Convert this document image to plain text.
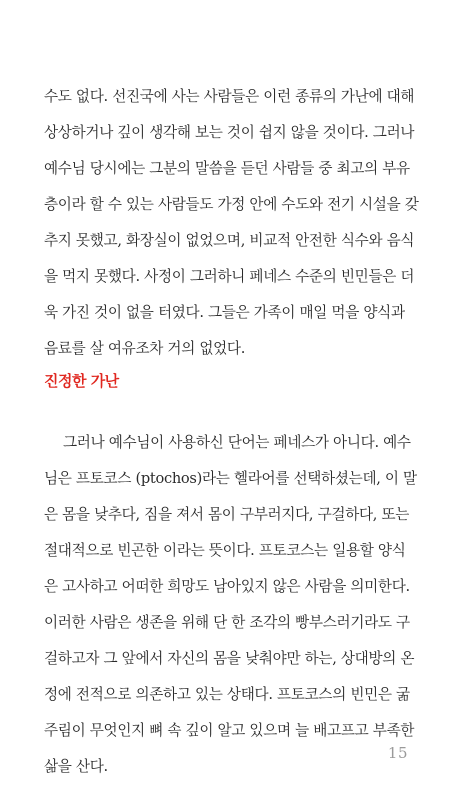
수도 없다. 선진국에 사는 사람들은 이런 종류의 가난에 대해
상상하거나 깊이 생각해 보는 것이 쉽지 않을 것이다. 그러나
예수님 당시에는 그분의 말씀을 듣던 사람들 중 최고의 부유
층이라 할 수 있는 사람들도 가정 안에 수도와 전기 시설을 갖
추지 못했고, 화장실이 없었으며, 비교적 안전한 식수와 음식
을 먹지 못했다. 사정이 그러하니 페네스 수준의 빈민들은 더
욱 가진 것이 없을 터였다. 그들은 가족이 매일 먹을 양식과
음료를 살 여유조차 거의 없었다.
진정한 가난
그러나 예수님이 사용하신 단어는 페네스가 아니다. 예수
님은 프토코스 (ptochos)라는 헬라어를 선택하셨는데, 이 말
은 몸을 낮추다, 짐을 져서 몸이 구부러지다, 구걸하다, 또는
절대적으로 빈곤한 이라는 뜻이다. 프토코스는 일용할 양식
은 고사하고 어떠한 희망도 남아있지 않은 사람을 의미한다.
이러한 사람은 생존을 위해 단 한 조각의 빵부스러기라도 구
걸하고자 그 앞에서 자신의 몸을 낮춰야만 하는, 상대방의 온
정에 전적으로 의존하고 있는 상태다. 프토코스의 빈민은 굶
주림이 무엇인지 뼈 속 깊이 알고 있으며 늘 배고프고 부족한
삶을 산다.
15
